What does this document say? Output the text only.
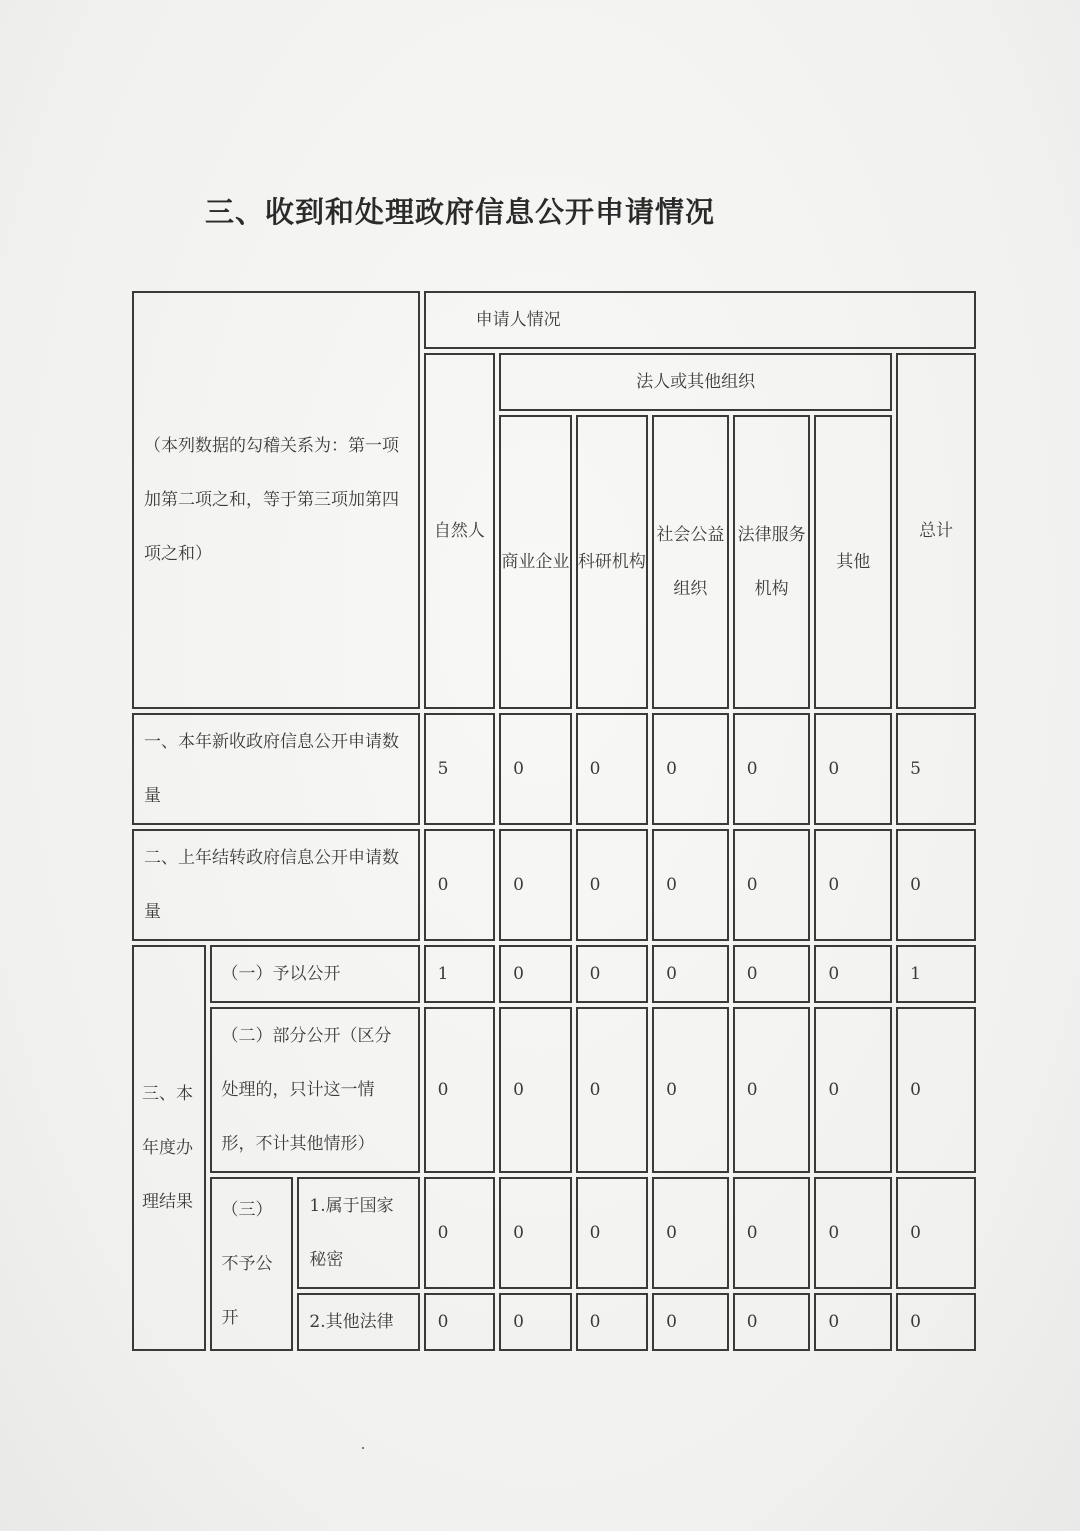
三、收到和处理政府信息公开申请情况
（本列数据的勾稽关系为：第一项加第二项之和，等于第三项加第四项之和）			申请人情况						

			自然人	法人或其他组织					总计

				商业企业	科研机构	社会公益组织	法律服务机构	其他	
一、本年新收政府信息公开申请数量			5	0	0	0	0	0	5
二、上年结转政府信息公开申请数量			0	0	0	0	0	0	0
三、本年度办理结果	（一）予以公开		1	0	0	0	0	0	1
	（二）部分公开（区分处理的，只计这一情形，不计其他情形）		0	0	0	0	0	0	0
	（三）不予公开	1.属于国家秘密	0	0	0	0	0	0	0
		2.其他法律	0	0	0	0	0	0	0
